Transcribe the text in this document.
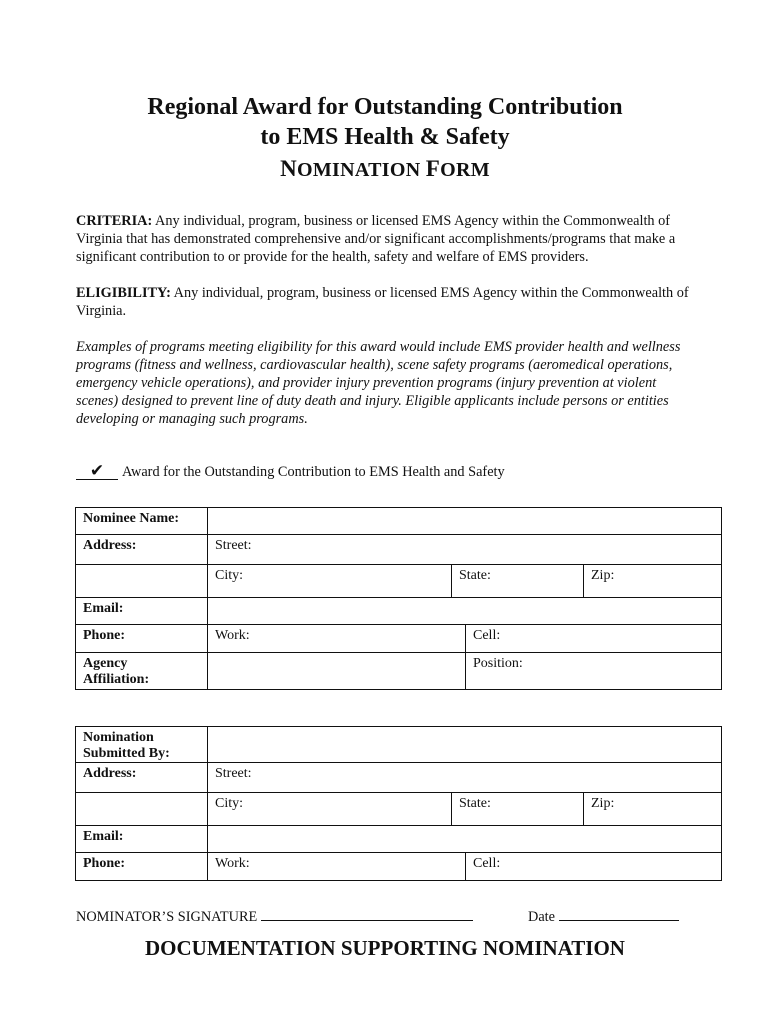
Regional Award for Outstanding Contribution
to EMS Health & Safety
NOMINATION FORM
CRITERIA: Any individual, program, business or licensed EMS Agency within the Commonwealth of Virginia that has demonstrated comprehensive and/or significant accomplishments/programs that make a significant contribution to or provide for the health, safety and welfare of EMS providers.
ELIGIBILITY: Any individual, program, business or licensed EMS Agency within the Commonwealth of Virginia.
Examples of programs meeting eligibility for this award would include EMS provider health and wellness programs (fitness and wellness, cardiovascular health), scene safety programs (aeromedical operations, emergency vehicle operations), and provider injury prevention programs (injury prevention at violent scenes) designed to prevent line of duty death and injury. Eligible applicants include persons or entities developing or managing such programs.
✔ Award for the Outstanding Contribution to EMS Health and Safety
Nominee Name:	
Address:	Street:

	City: State: Zip:

Email:	
Phone:	Work: Cell:

Agency
Affiliation:	Position:
Nomination
Submitted By:	
Address:	Street:

	City: State: Zip:

Email:	
Phone:	Work: Cell:
NOMINATOR’S SIGNATURE	Date
DOCUMENTATION SUPPORTING NOMINATION
